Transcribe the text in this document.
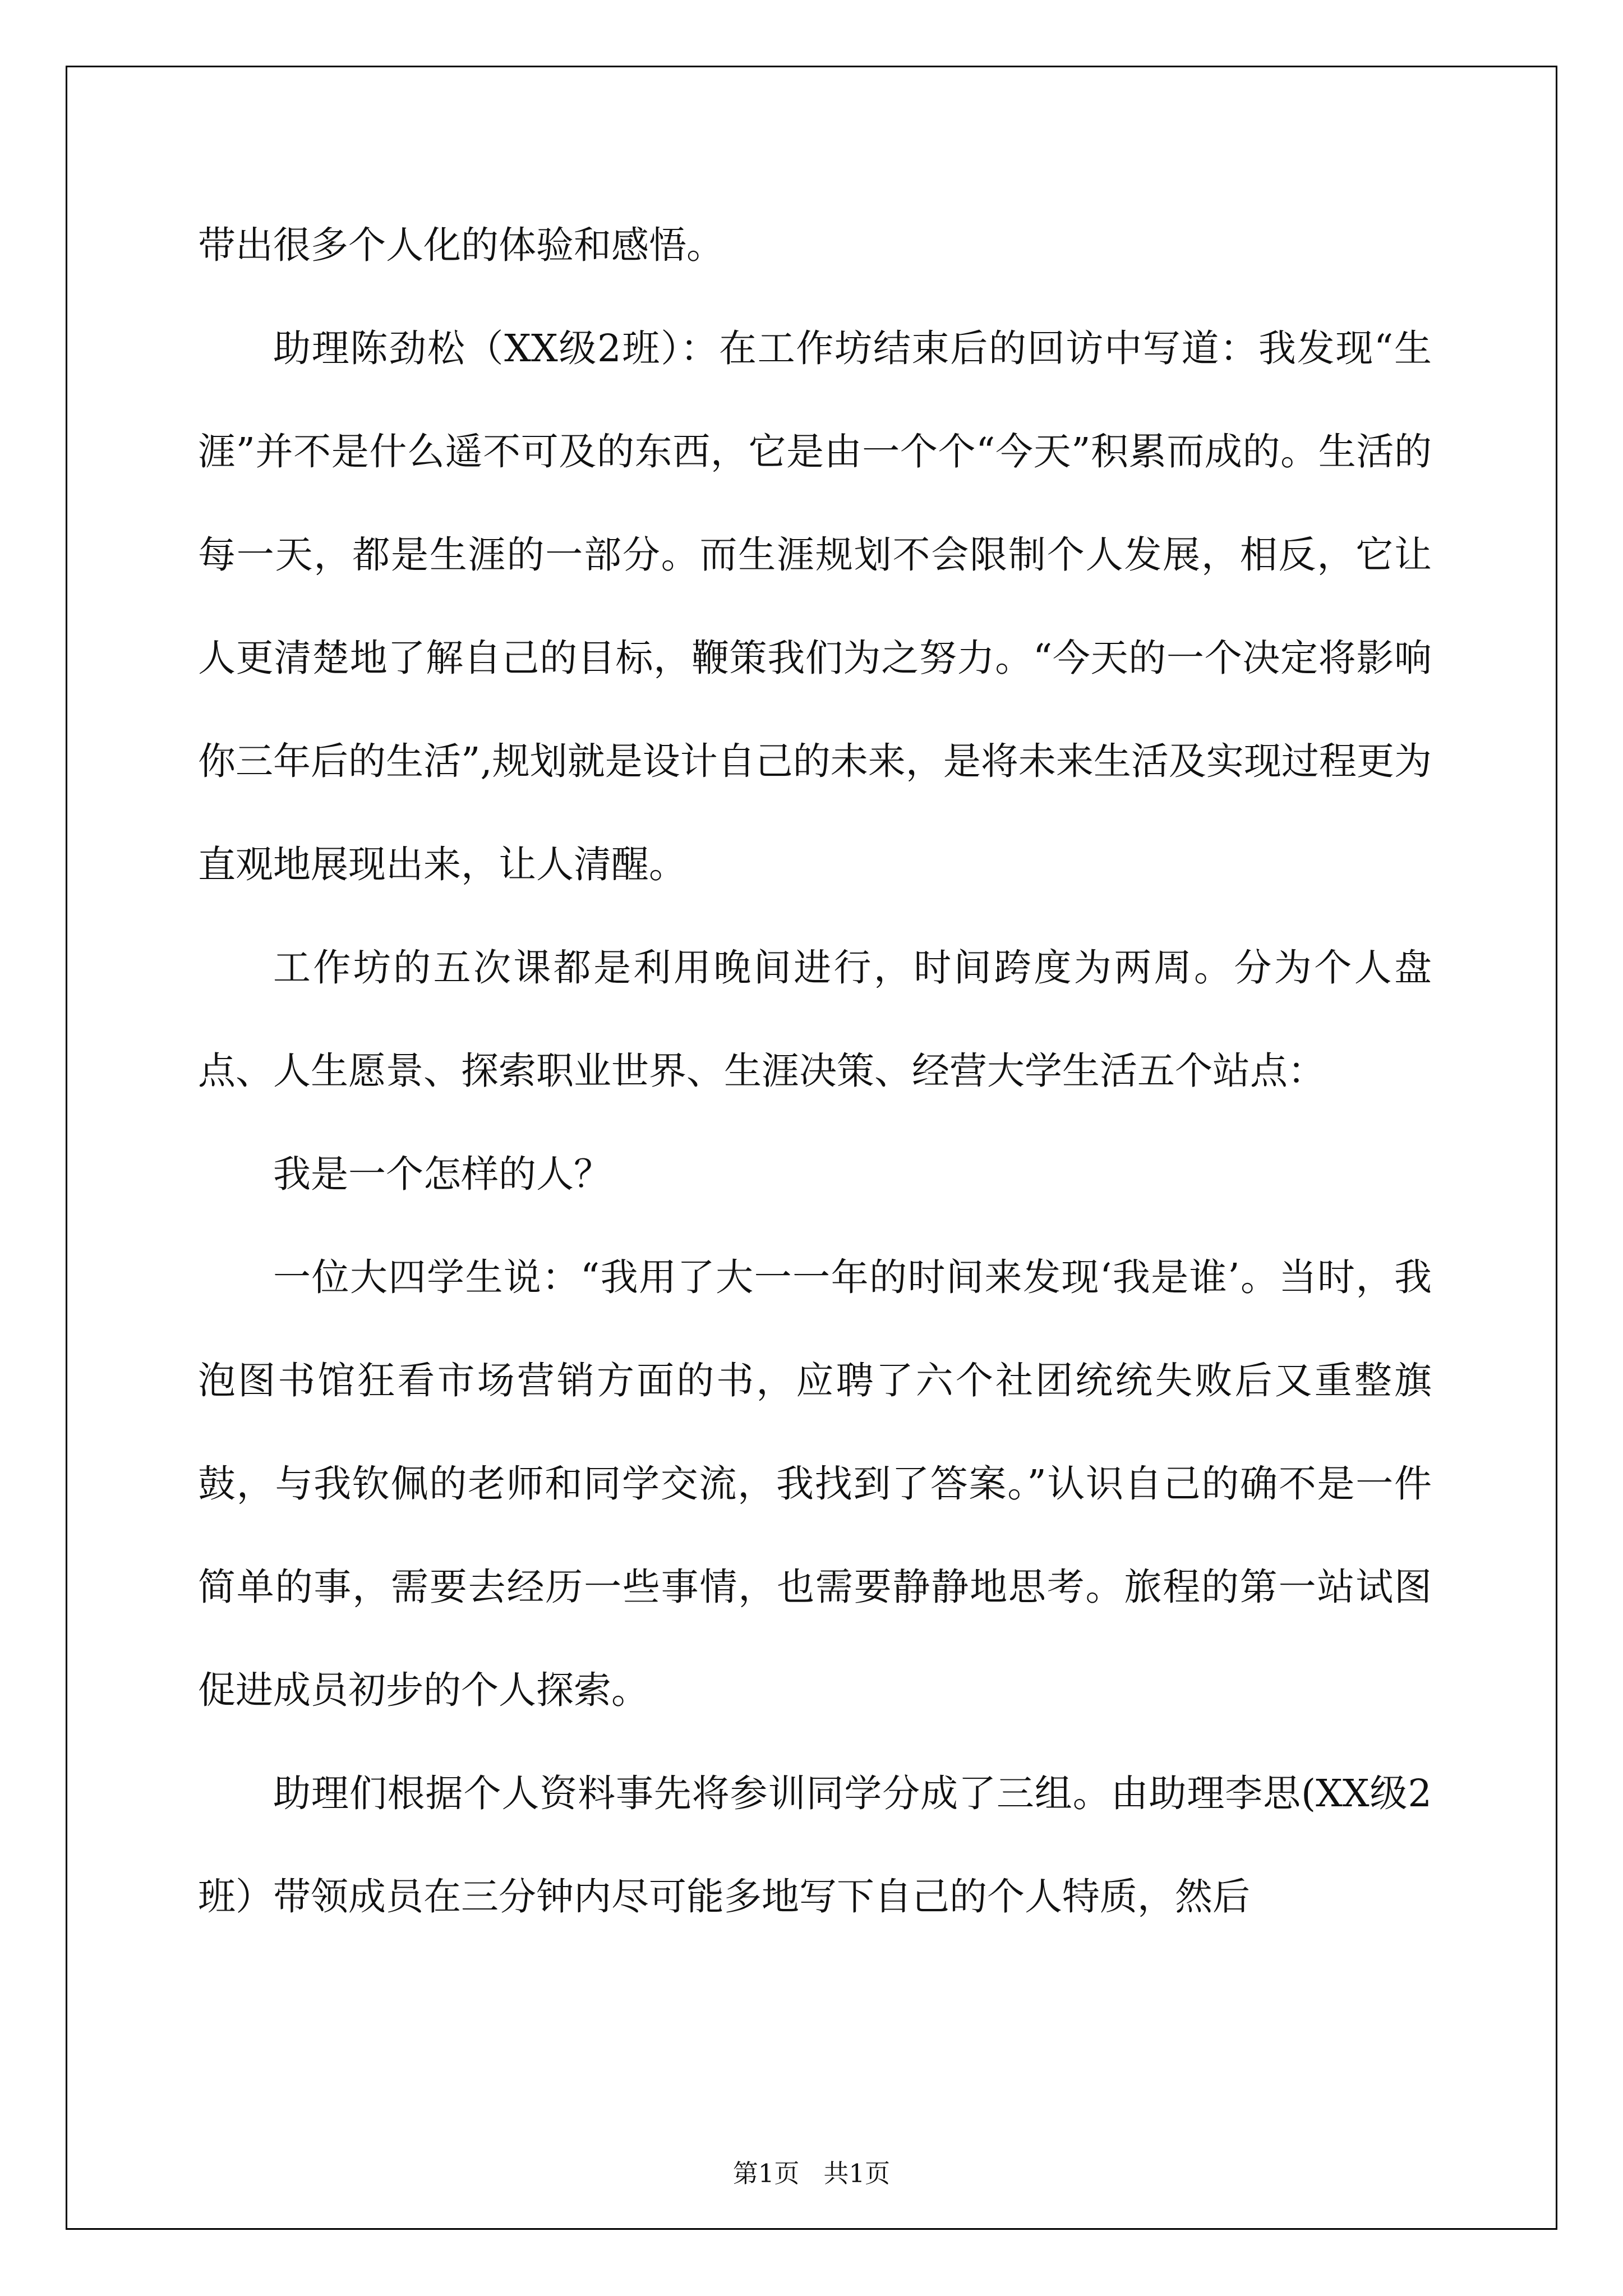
带出很多个人化的体验和感悟。

助理陈劲松（XX级2班）：在工作坊结束后的回访中写道：我发现“生涯”并不是什么遥不可及的东西，它是由一个个“今天”积累而成的。生活的每一天，都是生涯的一部分。而生涯规划不会限制个人发展，相反，它让人更清楚地了解自己的目标，鞭策我们为之努力。“今天的一个决定将影响你三年后的生活”,规划就是设计自己的未来，是将未来生活及实现过程更为直观地展现出来，让人清醒。

工作坊的五次课都是利用晚间进行，时间跨度为两周。分为个人盘点、人生愿景、探索职业世界、生涯决策、经营大学生活五个站点：

我是一个怎样的人？

一位大四学生说：“我用了大一一年的时间来发现‘我是谁’。当时，我泡图书馆狂看市场营销方面的书，应聘了六个社团统统失败后又重整旗鼓，与我钦佩的老师和同学交流，我找到了答案。”认识自己的确不是一件简单的事，需要去经历一些事情，也需要静静地思考。旅程的第一站试图促进成员初步的个人探索。

助理们根据个人资料事先将参训同学分成了三组。由助理李思(XX级2班）带领成员在三分钟内尽可能多地写下自己的个人特质，然后

第1页 共1页
